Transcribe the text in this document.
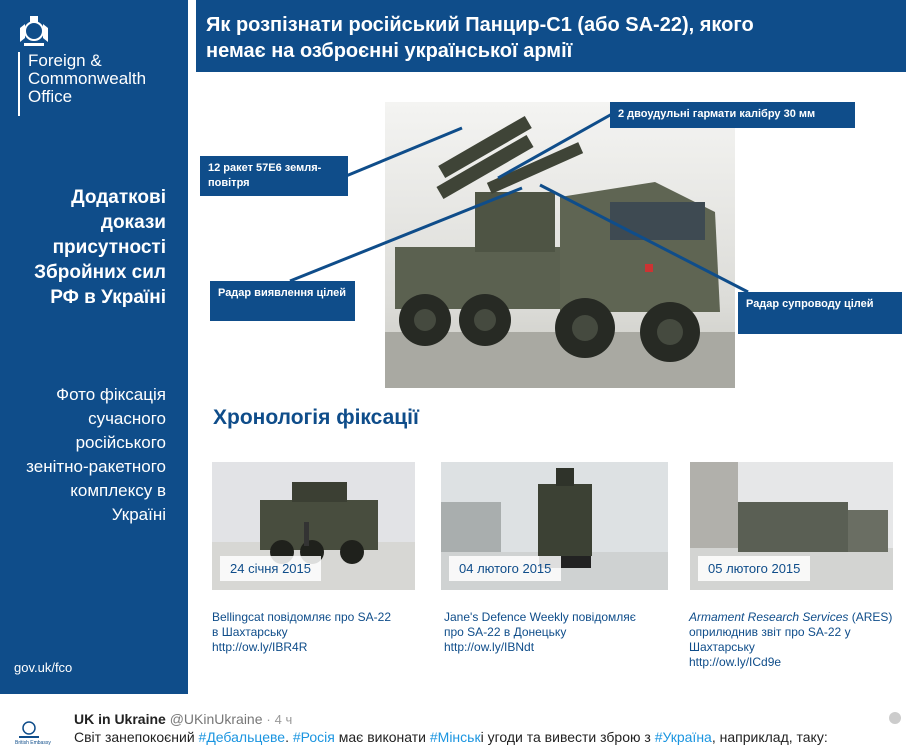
Foreign &
Commonwealth
Office
Додаткові докази присутності Збройних сил РФ в Україні
Фото фіксація сучасного російського зенітно-ракетного комплексу в Україні
gov.uk/fco
Як розпізнати російський Панцир-С1 (або SA-22), якого
немає на озброєнні української армії
12 ракет 57Е6 земля-повітря
2 двоудульні гармати калібру 30 мм
Радар виявлення цілей
Радар супроводу цілей
Хронологія фіксації
24 січня 2015	04 лютого 2015	05 лютого 2015
Bellingcat повідомляє про SA-22
в Шахтарську
http://ow.ly/IBR4R
Jane's Defence Weekly повідомляє
про SA-22 в Донецьку
http://ow.ly/IBNdt
Armament Research Services (ARES)
оприлюднив звіт про SA-22 у
Шахтарську
http://ow.ly/ICd9e
British Embassy
UK in Ukraine @UKinUkraine · 4 ч
Світ занепокоєний #Дебальцеве. #Росія має виконати #Мінські угоди та вивести зброю з #Україна, наприклад, таку:
